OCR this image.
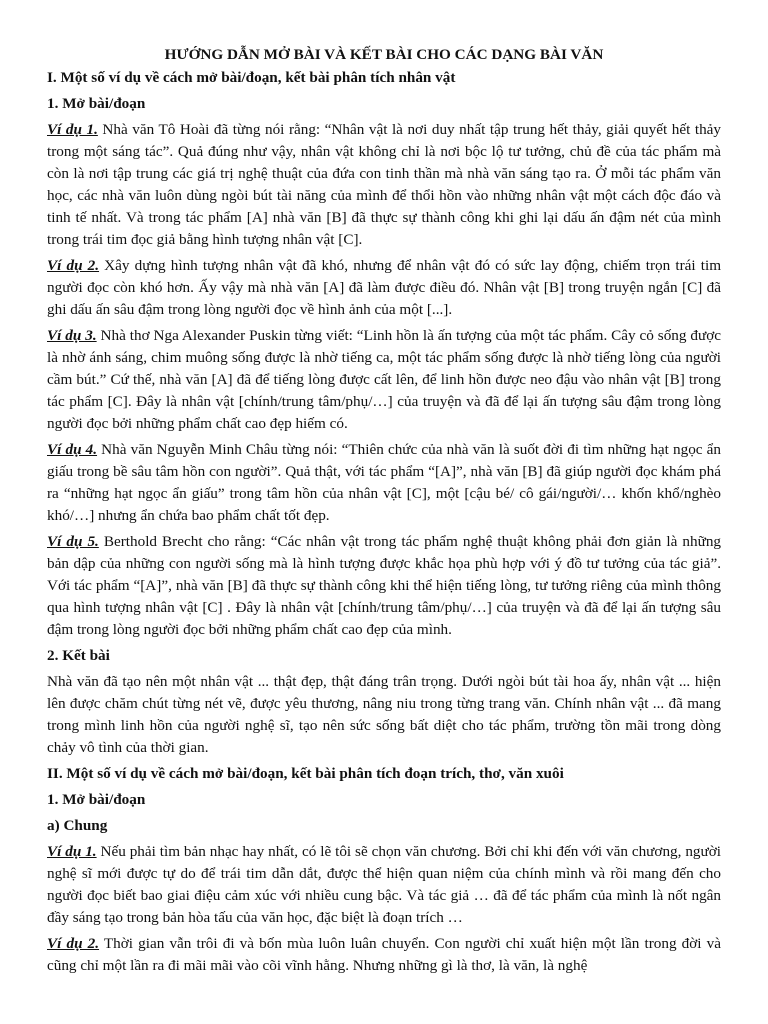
HƯỚNG DẪN MỞ BÀI VÀ KẾT BÀI CHO CÁC DẠNG BÀI VĂN
I. Một số ví dụ về cách mở bài/đoạn, kết bài phân tích nhân vật
1. Mở bài/đoạn

Ví dụ 1. Nhà văn Tô Hoài đã từng nói rằng: “Nhân vật là nơi duy nhất tập trung hết thảy, giải quyết hết thảy trong một sáng tác”. Quả đúng như vậy, nhân vật không chỉ là nơi bộc lộ tư tưởng, chủ đề của tác phẩm mà còn là nơi tập trung các giá trị nghệ thuật của đứa con tinh thần mà nhà văn sáng tạo ra. Ở mỗi tác phẩm văn học, các nhà văn luôn dùng ngòi bút tài năng của mình để thổi hồn vào những nhân vật một cách độc đáo và tinh tế nhất. Và trong tác phẩm [A] nhà văn [B] đã thực sự thành công khi ghi lại dấu ấn đậm nét của mình trong trái tim đọc giả bằng hình tượng nhân vật [C].

Ví dụ 2. Xây dựng hình tượng nhân vật đã khó, nhưng để nhân vật đó có sức lay động, chiếm trọn trái tim người đọc còn khó hơn. Ấy vậy mà nhà văn [A] đã làm được điều đó. Nhân vật [B] trong truyện ngắn [C] đã ghi dấu ấn sâu đậm trong lòng người đọc về hình ảnh của một [...].

Ví dụ 3. Nhà thơ Nga Alexander Puskin từng viết: “Linh hồn là ấn tượng của một tác phẩm. Cây cỏ sống được là nhờ ánh sáng, chim muông sống được là nhờ tiếng ca, một tác phẩm sống được là nhờ tiếng lòng của người cầm bút.” Cứ thế, nhà văn [A] đã để tiếng lòng được cất lên, để linh hồn được neo đậu vào nhân vật [B] trong tác phẩm [C]. Đây là nhân vật [chính/trung tâm/phụ/…] của truyện và đã để lại ấn tượng sâu đậm trong lòng người đọc bởi những phẩm chất cao đẹp hiếm có.

Ví dụ 4. Nhà văn Nguyễn Minh Châu từng nói: “Thiên chức của nhà văn là suốt đời đi tìm những hạt ngọc ẩn giấu trong bề sâu tâm hồn con người”. Quả thật, với tác phẩm “[A]”, nhà văn [B] đã giúp người đọc khám phá ra “những hạt ngọc ẩn giấu” trong tâm hồn của nhân vật [C], một [cậu bé/ cô gái/người/… khốn khổ/nghèo khó/…] nhưng ẩn chứa bao phẩm chất tốt đẹp.

Ví dụ 5. Berthold Brecht cho rằng: “Các nhân vật trong tác phẩm nghệ thuật không phải đơn giản là những bản dập của những con người sống mà là hình tượng được khắc họa phù hợp với ý đồ tư tưởng của tác giả”. Với tác phẩm “[A]”, nhà văn [B] đã thực sự thành công khi thể hiện tiếng lòng, tư tưởng riêng của mình thông qua hình tượng nhân vật [C] . Đây là nhân vật [chính/trung tâm/phụ/…] của truyện và đã để lại ấn tượng sâu đậm trong lòng người đọc bởi những phẩm chất cao đẹp của mình.

2. Kết bài

Nhà văn đã tạo nên một nhân vật ... thật đẹp, thật đáng trân trọng. Dưới ngòi bút tài hoa ấy, nhân vật ... hiện lên được chăm chút từng nét vẽ, được yêu thương, nâng niu trong từng trang văn. Chính nhân vật ... đã mang trong mình linh hồn của người nghệ sĩ, tạo nên sức sống bất diệt cho tác phẩm, trường tồn mãi trong dòng chảy vô tình của thời gian.

II. Một số ví dụ về cách mở bài/đoạn, kết bài phân tích đoạn trích, thơ, văn xuôi
1. Mở bài/đoạn
a) Chung

Ví dụ 1. Nếu phải tìm bản nhạc hay nhất, có lẽ tôi sẽ chọn văn chương. Bởi chỉ khi đến với văn chương, người nghệ sĩ mới được tự do để trái tim dẫn dắt, được thể hiện quan niệm của chính mình và rồi mang đến cho người đọc biết bao giai điệu cảm xúc với nhiều cung bậc. Và tác giả … đã để tác phẩm của mình là nốt ngân đầy sáng tạo trong bản hòa tấu của văn học, đặc biệt là đoạn trích …

Ví dụ 2. Thời gian vẫn trôi đi và bốn mùa luôn luân chuyển. Con người chỉ xuất hiện một lần trong đời và cũng chỉ một lần ra đi mãi mãi vào cõi vĩnh hằng. Nhưng những gì là thơ, là văn, là nghệ
